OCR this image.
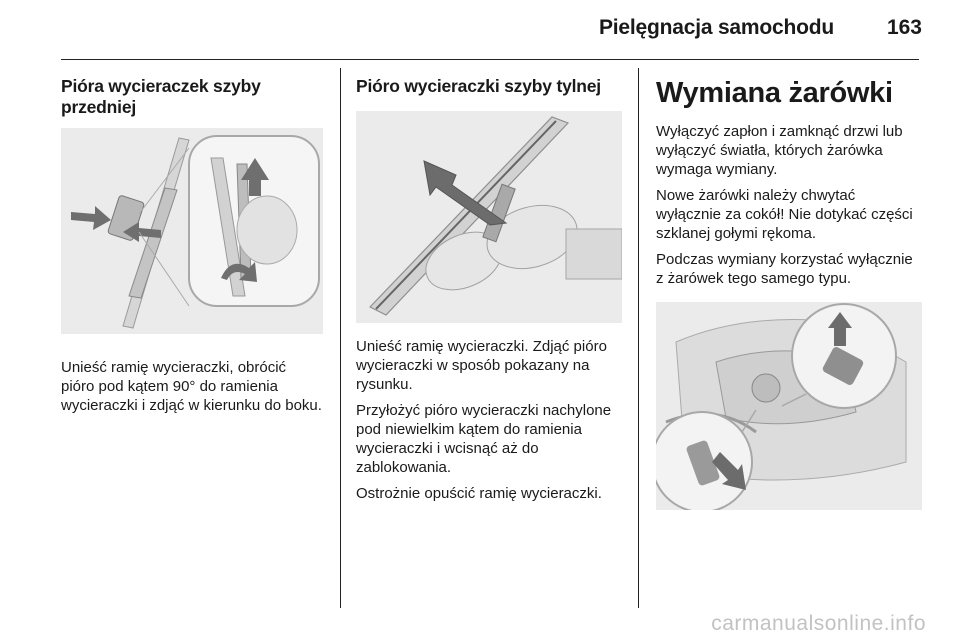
Pielęgnacja samochodu	163
Pióra wycieraczek szyby przedniej

Unieść ramię wycieraczki, obrócić pióro pod kątem 90° do ramienia wycieraczki i zdjąć w kierunku do boku.

Pióro wycieraczki szyby tylnej

Unieść ramię wycieraczki. Zdjąć pióro wycieraczki w sposób pokazany na rysunku.

Przyłożyć pióro wycieraczki nachylone pod niewielkim kątem do ramienia wycieraczki i wcisnąć aż do zablokowania.

Ostrożnie opuścić ramię wycieraczki.

Wymiana żarówki

Wyłączyć zapłon i zamknąć drzwi lub wyłączyć światła, których żarówka wymaga wymiany.

Nowe żarówki należy chwytać wyłącznie za cokół! Nie dotykać części szklanej gołymi rękoma.

Podczas wymiany korzystać wyłącznie z żarówek tego samego typu.

carmanualsonline.info
